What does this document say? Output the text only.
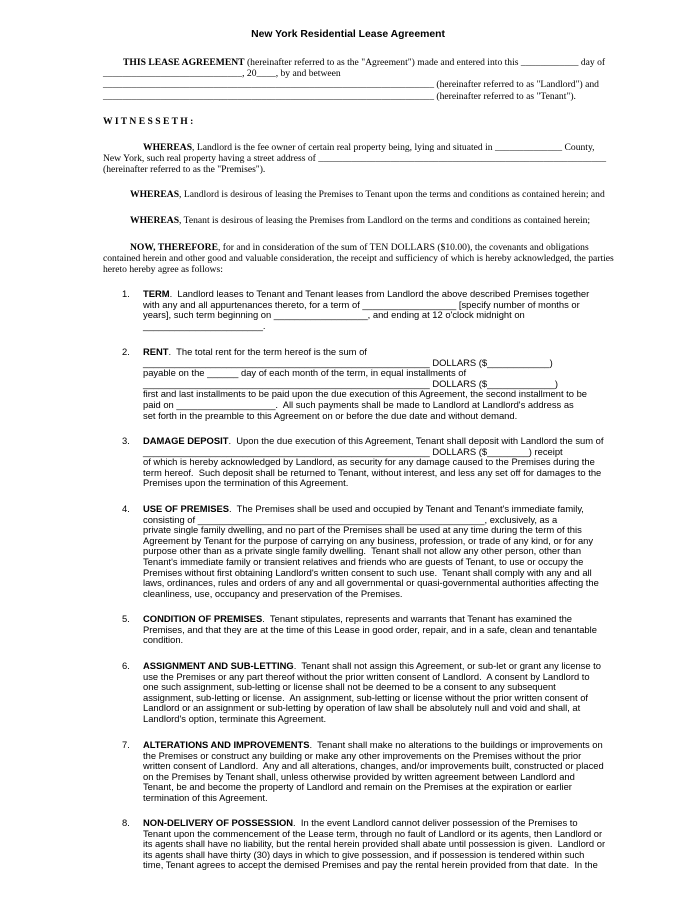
New York Residential Lease Agreement
THIS LEASE AGREEMENT (hereinafter referred to as the "Agreement") made and entered into this ____________ day of
_____________________________, 20____, by and between
_____________________________________________________________________ (hereinafter referred to as "Landlord") and
_____________________________________________________________________ (hereinafter referred to as "Tenant").
W I T N E S S E T H :
WHEREAS, Landlord is the fee owner of certain real property being, lying and situated in ______________ County,
New York, such real property having a street address of ____________________________________________________________
(hereinafter referred to as the "Premises").
WHEREAS, Landlord is desirous of leasing the Premises to Tenant upon the terms and conditions as contained herein; and
WHEREAS, Tenant is desirous of leasing the Premises from Landlord on the terms and conditions as contained herein;
NOW, THEREFORE, for and in consideration of the sum of TEN DOLLARS ($10.00), the covenants and obligations
contained herein and other good and valuable consideration, the receipt and sufficiency of which is hereby acknowledged, the parties
hereto hereby agree as follows:
1. TERM.  Landlord leases to Tenant and Tenant leases from Landlord the above described Premises together
with any and all appurtenances thereto, for a term of __________________ [specify number of months or
years], such term beginning on __________________, and ending at 12 o'clock midnight on
_______________________.
2. RENT.  The total rent for the term hereof is the sum of
_______________________________________________________ DOLLARS ($____________)
payable on the ______ day of each month of the term, in equal installments of
_______________________________________________________ DOLLARS ($_____________)
first and last installments to be paid upon the due execution of this Agreement, the second installment to be
paid on ___________________.  All such payments shall be made to Landlord at Landlord's address as
set forth in the preamble to this Agreement on or before the due date and without demand.
3. DAMAGE DEPOSIT.  Upon the due execution of this Agreement, Tenant shall deposit with Landlord the sum of
_______________________________________________________ DOLLARS ($________) receipt
of which is hereby acknowledged by Landlord, as security for any damage caused to the Premises during the
term hereof.  Such deposit shall be returned to Tenant, without interest, and less any set off for damages to the
Premises upon the termination of this Agreement.
4. USE OF PREMISES.  The Premises shall be used and occupied by Tenant and Tenant's immediate family,
consisting of _______________________________________________________, exclusively, as a
private single family dwelling, and no part of the Premises shall be used at any time during the term of this
Agreement by Tenant for the purpose of carrying on any business, profession, or trade of any kind, or for any
purpose other than as a private single family dwelling.  Tenant shall not allow any other person, other than
Tenant's immediate family or transient relatives and friends who are guests of Tenant, to use or occupy the
Premises without first obtaining Landlord's written consent to such use.  Tenant shall comply with any and all
laws, ordinances, rules and orders of any and all governmental or quasi-governmental authorities affecting the
cleanliness, use, occupancy and preservation of the Premises.
5. CONDITION OF PREMISES.  Tenant stipulates, represents and warrants that Tenant has examined the
Premises, and that they are at the time of this Lease in good order, repair, and in a safe, clean and tenantable
condition.
6. ASSIGNMENT AND SUB-LETTING.  Tenant shall not assign this Agreement, or sub-let or grant any license to
use the Premises or any part thereof without the prior written consent of Landlord.  A consent by Landlord to
one such assignment, sub-letting or license shall not be deemed to be a consent to any subsequent
assignment, sub-letting or license.  An assignment, sub-letting or license without the prior written consent of
Landlord or an assignment or sub-letting by operation of law shall be absolutely null and void and shall, at
Landlord's option, terminate this Agreement.
7. ALTERATIONS AND IMPROVEMENTS.  Tenant shall make no alterations to the buildings or improvements on
the Premises or construct any building or make any other improvements on the Premises without the prior
written consent of Landlord.  Any and all alterations, changes, and/or improvements built, constructed or placed
on the Premises by Tenant shall, unless otherwise provided by written agreement between Landlord and
Tenant, be and become the property of Landlord and remain on the Premises at the expiration or earlier
termination of this Agreement.
8. NON-DELIVERY OF POSSESSION.  In the event Landlord cannot deliver possession of the Premises to
Tenant upon the commencement of the Lease term, through no fault of Landlord or its agents, then Landlord or
its agents shall have no liability, but the rental herein provided shall abate until possession is given.  Landlord or
its agents shall have thirty (30) days in which to give possession, and if possession is tendered within such
time, Tenant agrees to accept the demised Premises and pay the rental herein provided from that date.  In the
